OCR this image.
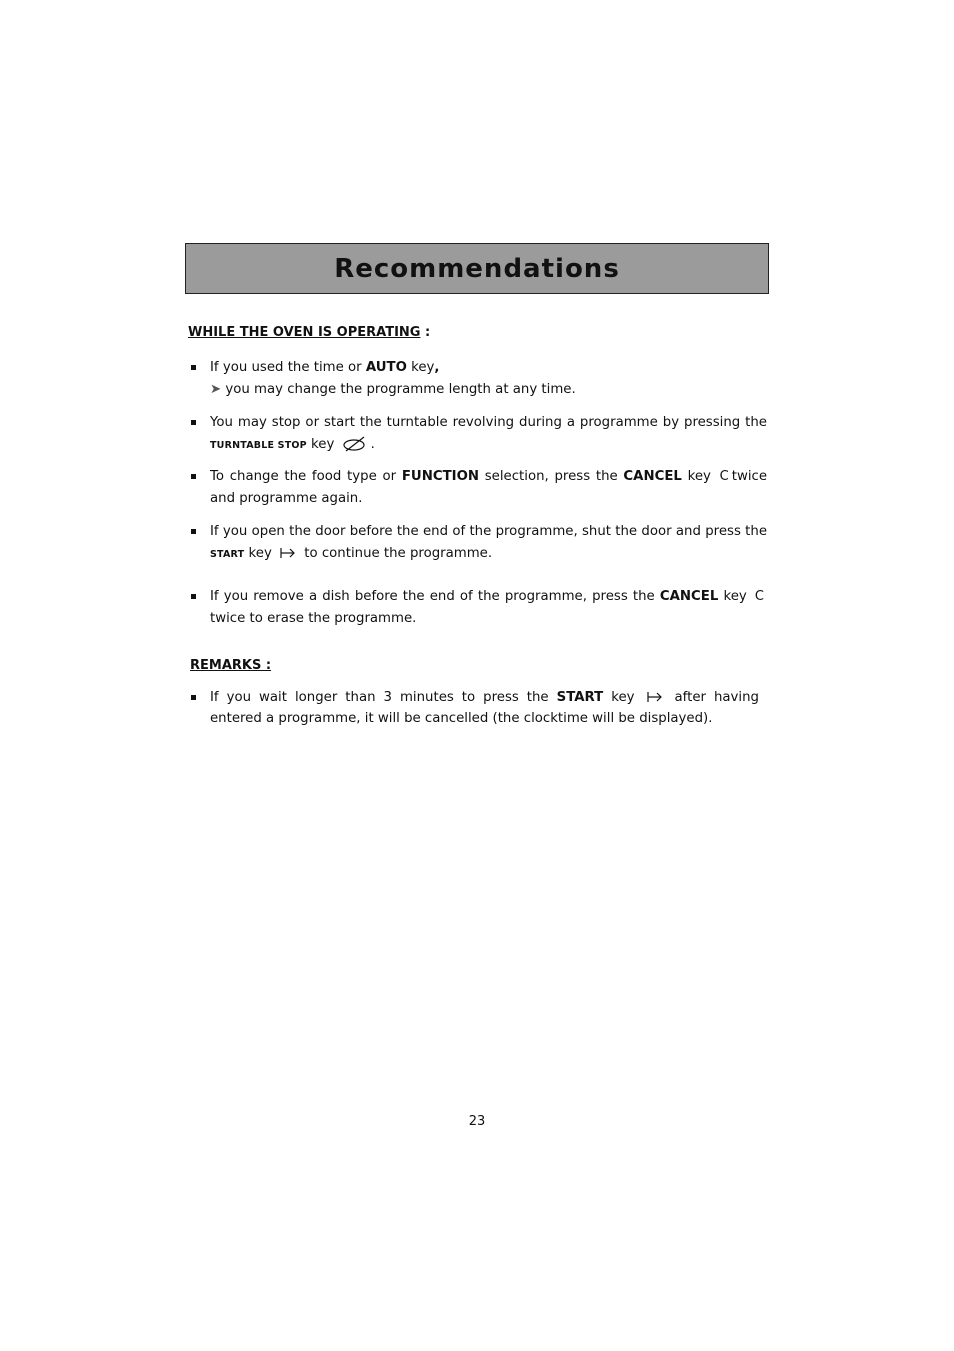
Recommendations
WHILE THE OVEN IS OPERATING :
If you used the time or AUTO key,
➤ you may change the programme length at any time.
You may stop or start the turntable revolving during a programme by pressing the TURNTABLE STOP key	.
To change the food type or FUNCTION selection, press the CANCEL key C twice and programme again.
If you open the door before the end of the programme, shut the door and press the START key  to continue the programme.
If you remove a dish before the end of the programme, press the CANCEL key Ctwice to erase the programme.
REMARKS :
If you wait longer than 3 minutes to press the START key  after having entered a programme, it will be cancelled (the clocktime will be displayed).
23
